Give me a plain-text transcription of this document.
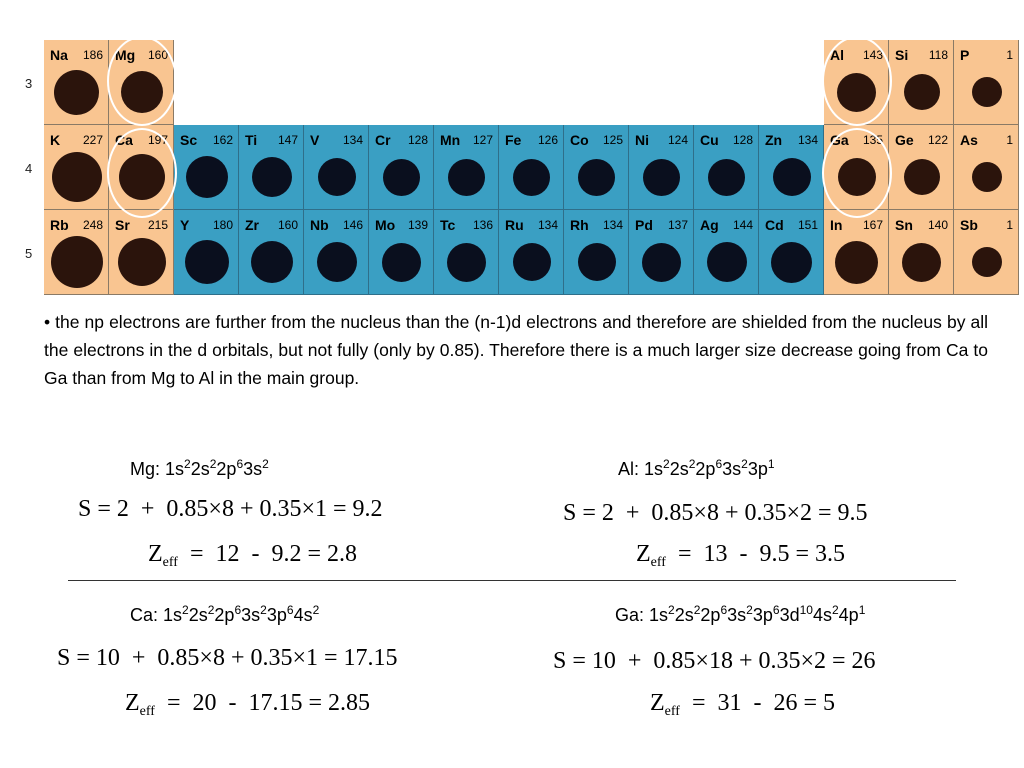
3
Na 186 Mg 160	Al 143 Si 118 P	1
4
K 227 Ca 197 Sc 162 Ti 147 V 134 Cr 128 Mn 127 Fe 126 Co 125 Ni 124 Cu 128 Zn 134 Ga 135 Ge 122 As 1
5
Rb 248 Sr 215 Y 180 Zr 160 Nb 146 Mo 139 Tc 136 Ru 134 Rh 134 Pd 137 Ag 144 Cd 151 In 167 Sn 140 Sb 1
• the np electrons are further from the nucleus than the (n-1)d electrons and therefore are shielded from the nucleus by all the electrons in the d orbitals, but not fully (only by 0.85). Therefore there is a much larger size decrease going from Ca to Ga than from Mg to Al in the main group.
Mg: $1s^22s^22p^63s^2$
S = 2  +  0.85×8 + 0.35×1 = 9.2
$Z_{eff} = 12 - 9.2 = 2.8$
Al: $1s^22s^22p^63s^23p^1$
S = 2  +  0.85×8 + 0.35×2 = 9.5
$Z_{eff} = 13 - 9.5 = 3.5$
Ca: $1s^22s^22p^63s^23p^64s^2$
S = 10  +  0.85×8 + 0.35×1 = 17.15
$Z_{eff} = 20 - 17.15 = 2.85$
Ga: $1s^22s^22p^63s^23p^63d^{10}4s^24p^1$
S = 10  +  0.85×18 + 0.35×2 = 26
$Z_{eff} = 31 - 26 = 5$
